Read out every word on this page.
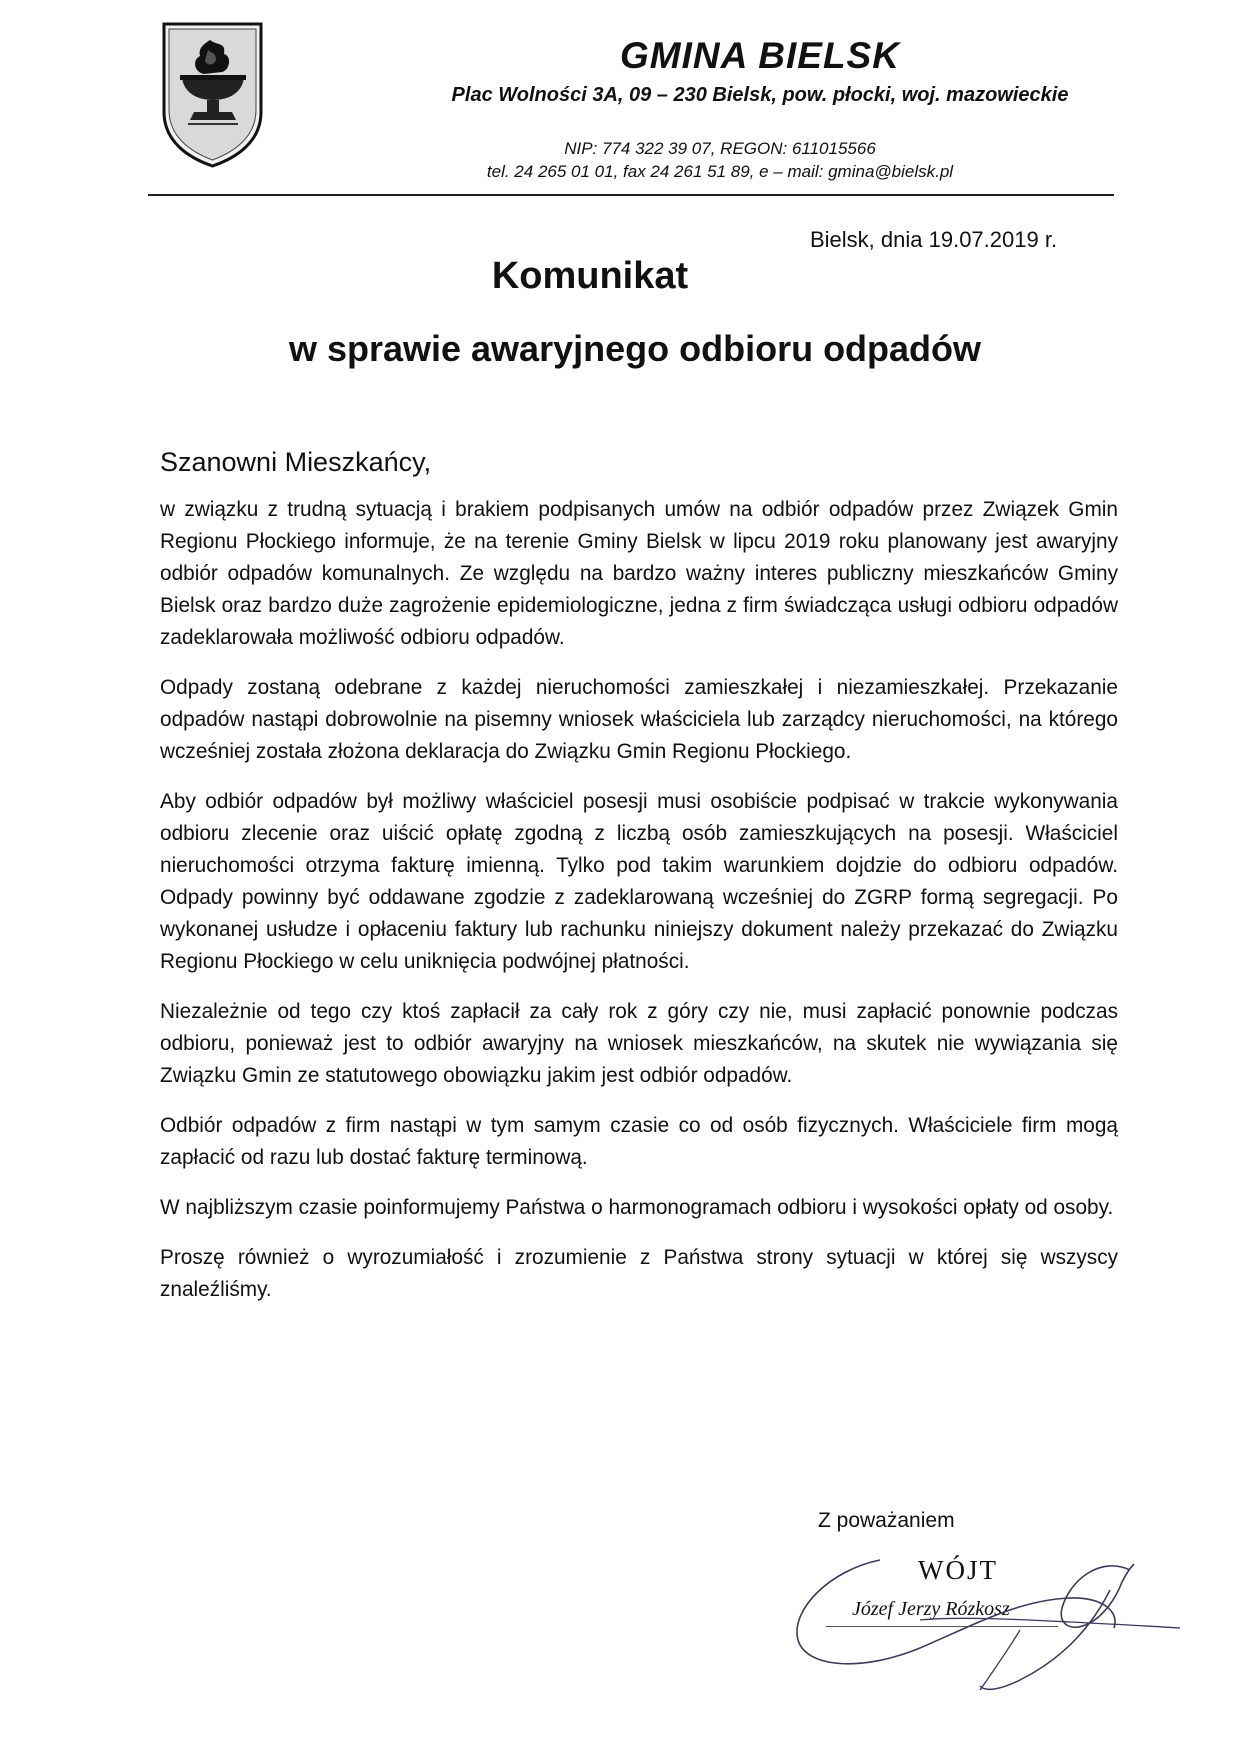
GMINA BIELSK
Plac Wolności 3A, 09 – 230 Bielsk, pow. płocki, woj. mazowieckie
NIP: 774 322 39 07, REGON: 611015566
tel. 24 265 01 01, fax 24 261 51 89, e – mail: gmina@bielsk.pl
Bielsk, dnia 19.07.2019 r.
Komunikat
w sprawie awaryjnego odbioru odpadów
Szanowni Mieszkańcy,

w związku z trudną sytuacją i brakiem podpisanych umów na odbiór odpadów przez Związek Gmin Regionu Płockiego informuje, że na terenie Gminy Bielsk w lipcu 2019 roku planowany jest awaryjny odbiór odpadów komunalnych. Ze względu na bardzo ważny interes publiczny mieszkańców Gminy Bielsk oraz bardzo duże zagrożenie epidemiologiczne, jedna z firm świadcząca usługi odbioru odpadów zadeklarowała możliwość odbioru odpadów.

Odpady zostaną odebrane z każdej nieruchomości zamieszkałej i niezamieszkałej. Przekazanie odpadów nastąpi dobrowolnie na pisemny wniosek właściciela lub zarządcy nieruchomości, na którego wcześniej została złożona deklaracja do Związku Gmin Regionu Płockiego.

Aby odbiór odpadów był możliwy właściciel posesji musi osobiście podpisać w trakcie wykonywania odbioru zlecenie oraz uiścić opłatę zgodną z liczbą osób zamieszkujących na posesji. Właściciel nieruchomości otrzyma fakturę imienną. Tylko pod takim warunkiem dojdzie do odbioru odpadów. Odpady powinny być oddawane zgodzie z zadeklarowaną wcześniej do ZGRP formą segregacji. Po wykonanej usłudze i opłaceniu faktury lub rachunku niniejszy dokument należy przekazać do Związku Regionu Płockiego w celu uniknięcia podwójnej płatności.

Niezależnie od tego czy ktoś zapłacił za cały rok z góry czy nie, musi zapłacić ponownie podczas odbioru, ponieważ jest to odbiór awaryjny na wniosek mieszkańców, na skutek nie wywiązania się Związku Gmin ze statutowego obowiązku jakim jest odbiór odpadów.

Odbiór odpadów z firm nastąpi w tym samym czasie co od osób fizycznych. Właściciele firm mogą zapłacić od razu lub dostać fakturę terminową.

W najbliższym czasie poinformujemy Państwa o harmonogramach odbioru i wysokości opłaty od osoby.

Proszę również o wyrozumiałość i zrozumienie z Państwa strony sytuacji w której się wszyscy znaleźliśmy.

Z poważaniem
WÓJT
Józef Jerzy Rózkosz
